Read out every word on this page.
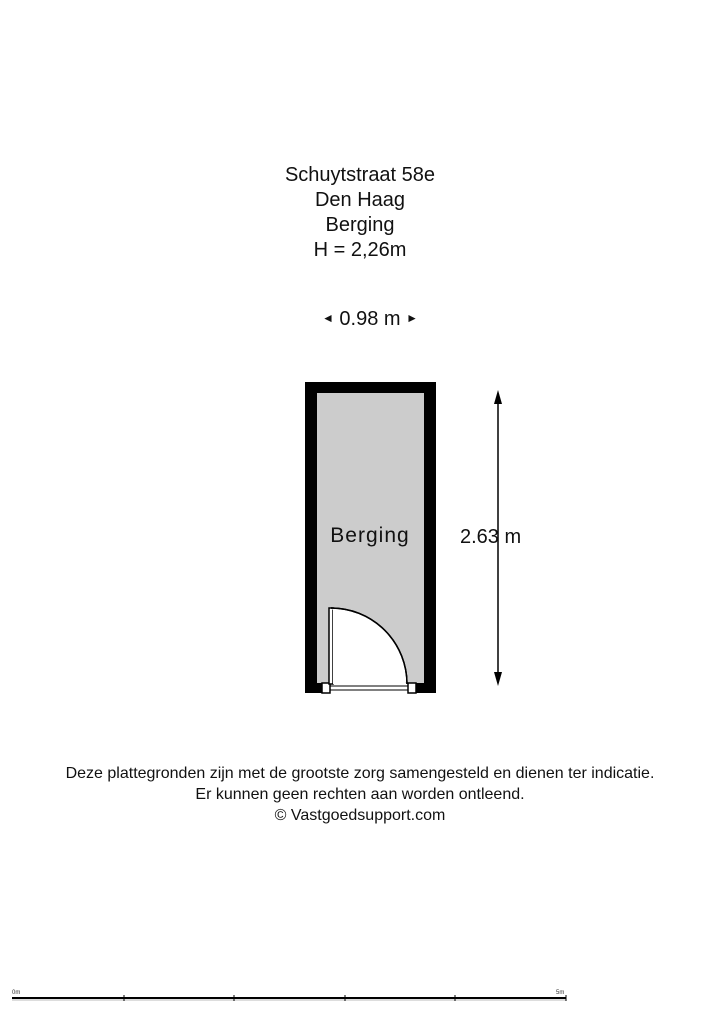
Schuytstraat 58e
Den Haag
Berging
H = 2,26m
◄ 0.98 m ►
Berging	2.63 m
Deze plattegronden zijn met de grootste zorg samengesteld en dienen ter indicatie.
Er kunnen geen rechten aan worden ontleend.
© Vastgoedsupport.com
0m	5m
